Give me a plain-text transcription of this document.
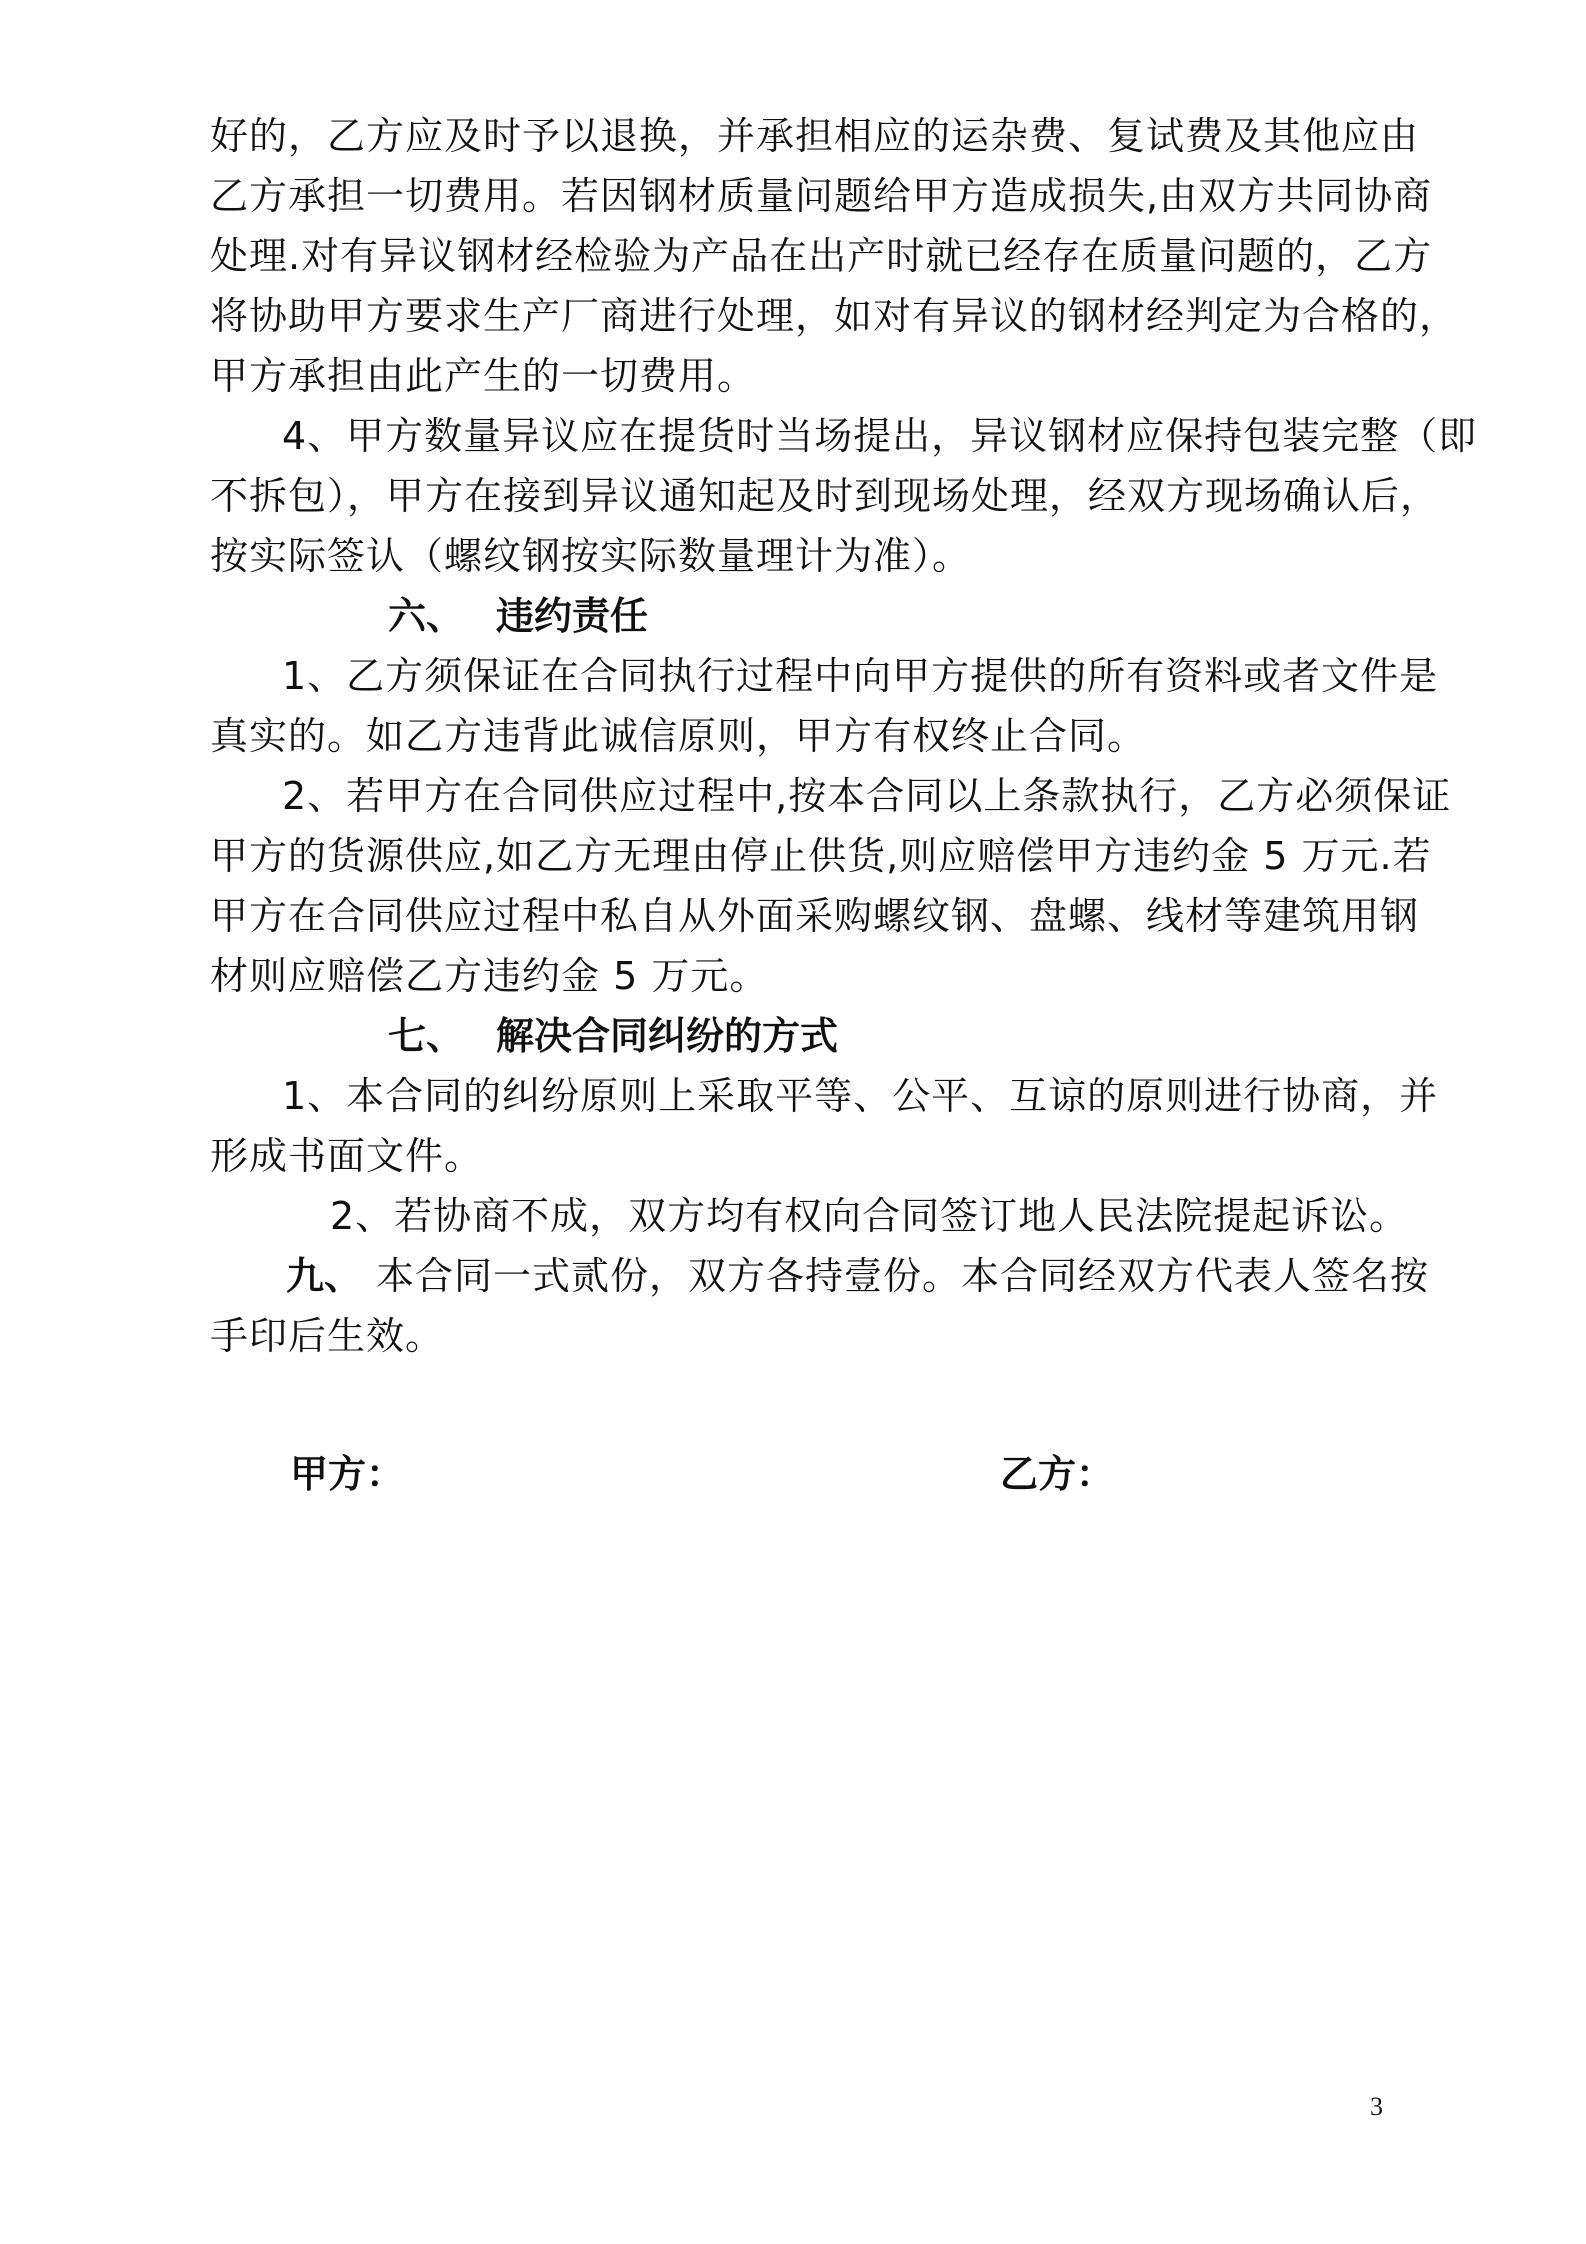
好的，乙方应及时予以退换，并承担相应的运杂费、复试费及其他应由
乙方承担一切费用。若因钢材质量问题给甲方造成损失,由双方共同协商
处理.对有异议钢材经检验为产品在出产时就已经存在质量问题的，乙方
将协助甲方要求生产厂商进行处理，如对有异议的钢材经判定为合格的，
甲方承担由此产生的一切费用。
4、甲方数量异议应在提货时当场提出，异议钢材应保持包装完整（即
不拆包），甲方在接到异议通知起及时到现场处理，经双方现场确认后，
按实际签认（螺纹钢按实际数量理计为准）。
六、 违约责任
1、乙方须保证在合同执行过程中向甲方提供的所有资料或者文件是
真实的。如乙方违背此诚信原则，甲方有权终止合同。
2、若甲方在合同供应过程中,按本合同以上条款执行，乙方必须保证
甲方的货源供应,如乙方无理由停止供货,则应赔偿甲方违约金 5 万元.若
甲方在合同供应过程中私自从外面采购螺纹钢、盘螺、线材等建筑用钢
材则应赔偿乙方违约金 5 万元。
七、 解决合同纠纷的方式
1、本合同的纠纷原则上采取平等、公平、互谅的原则进行协商，并
形成书面文件。
2、若协商不成，双方均有权向合同签订地人民法院提起诉讼。
九、 本合同一式贰份，双方各持壹份。本合同经双方代表人签名按
手印后生效。
甲方：	乙方：
3
